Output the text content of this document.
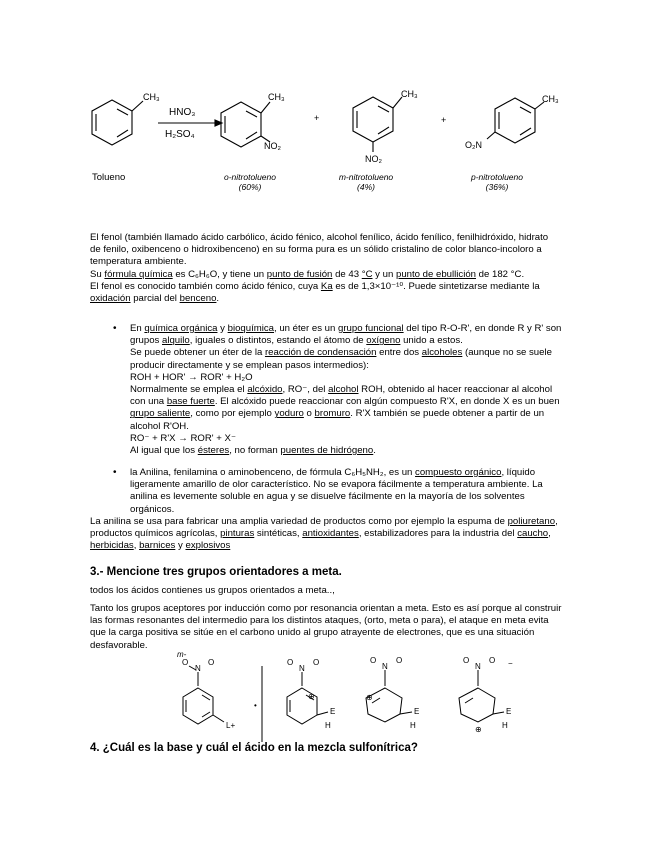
CH₃
HNO₃
H₂SO₄
CH₃
NO₂
+
CH₃
NO₂
+
CH₃
O₂N
Tolueno	o-nitrotolueno
(60%)
m-nitrotolueno
(4%)
p-nitrotolueno
(36%)

El fenol (también llamado ácido carbólico, ácido fénico, alcohol fenílico, ácido fenílico, fenilhidróxido, hidrato de fenilo, oxibenceno o hidroxibenceno) en su forma pura es un sólido cristalino de color blanco-incoloro a temperatura ambiente.

Su fórmula química es C₆H₆O, y tiene un punto de fusión de 43 °C y un punto de ebullición de 182 °C.

El fenol es conocido también como ácido fénico, cuya Ka es de 1,3×10⁻¹⁰. Puede sintetizarse mediante la oxidación parcial del benceno.

• En química orgánica y bioquímica, un éter es un grupo funcional del tipo R-O-R', en donde R y R' son grupos alquilo, iguales o distintos, estando el átomo de oxígeno unido a estos.

Se puede obtener un éter de la reacción de condensación entre dos alcoholes (aunque no se suele producir directamente y se emplean pasos intermedios):

ROH + HOR' → ROR' + H₂O

Normalmente se emplea el alcóxido, RO⁻, del alcohol ROH, obtenido al hacer reaccionar al alcohol con una base fuerte. El alcóxido puede reaccionar con algún compuesto R'X, en donde X es un buen grupo saliente, como por ejemplo yoduro o bromuro. R'X también se puede obtener a partir de un alcohol R'OH.

RO⁻ + R'X → ROR' + X⁻

Al igual que los ésteres, no forman puentes de hidrógeno.

• la Anilina, fenilamina o aminobenceno, de fórmula C₆H₅NH₂, es un compuesto orgánico, líquido ligeramente amarillo de olor característico. No se evapora fácilmente a temperatura ambiente. La anilina es levemente soluble en agua y se disuelve fácilmente en la mayoría de los solventes orgánicos.

La anilina se usa para fabricar una amplia variedad de productos como por ejemplo la espuma de poliuretano, productos químicos agrícolas, pinturas sintéticas, antioxidantes, estabilizadores para la industria del caucho, herbicidas, barnices y explosivos

3.- Mencione tres grupos orientadores a meta.
todos los ácidos contienes us grupos orientados a meta..,
Tanto los grupos aceptores por inducción como por resonancia orientan a meta. Esto es así porque al construir las formas resonantes del intermedio para los distintos ataques, (orto, meta o para), el ataque en meta evita que la carga positiva se sitúe en el carbono unido al grupo atrayente de electrones, que es una situación desfavorable.
m-
N
O O
L+
•
N
O O
⊕
E
H
N
O O
⊕
E
H
N
O O −
⊕
E
H
4. ¿Cuál es la base y cuál el ácido en la mezcla sulfonítrica?
